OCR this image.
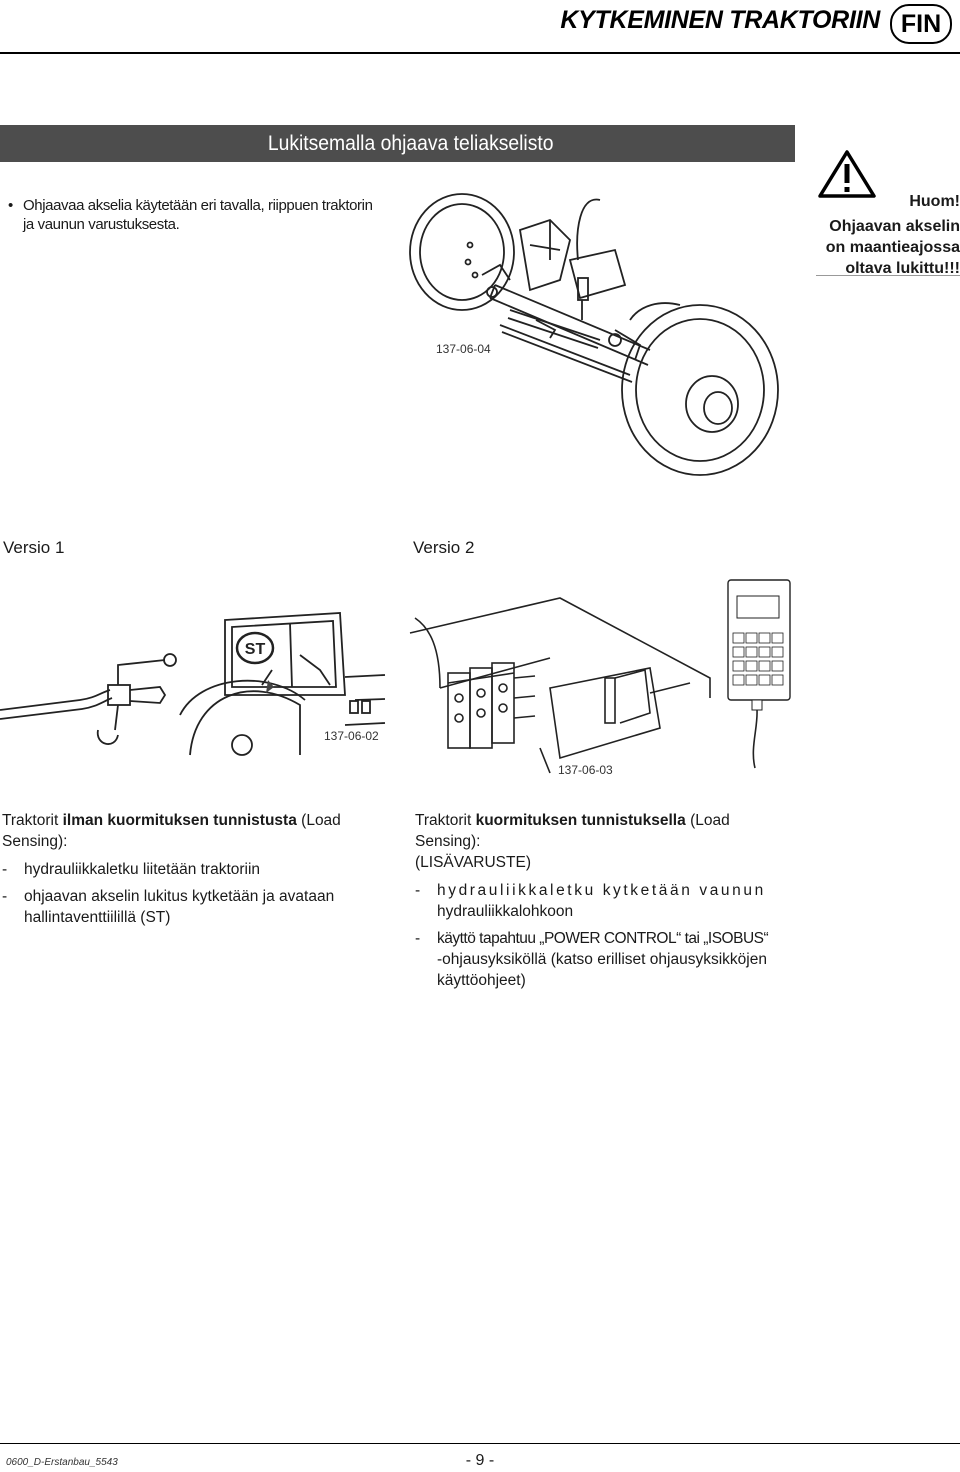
KYTKEMINEN TRAKTORIIN FIN
Lukitsemalla ohjaava teliakselisto
• Ohjaavaa akselia käytetään eri tavalla, riippuen traktorin
ja vaunun varustuksesta.
Huom!
Ohjaavan akselin
on maantieajossa
oltava lukittu!!!
137-06-04
Versio 1	Versio 2
ST
137-06-02
137-06-03

Traktorit ilman kuormituksen tunnistusta (Load Sensing):

-	hydrauliikkaletku liitetään traktoriin
-	ohjaavan akselin lukitus kytketään ja avataan hallintaventtiilillä (ST)

Traktorit kuormituksen tunnistuksella (Load Sensing):
(LISÄVARUSTE)

-	hydrauliikkaletku kytketään vaunun
hydrauliikkalohkoon
-	käyttö tapahtuu „POWER CONTROL“ tai „ISOBUS“
-ohjausyksiköllä (katso erilliset ohjausyksikköjen
käyttöohjeet)
0600_D-Erstanbau_5543	- 9 -
